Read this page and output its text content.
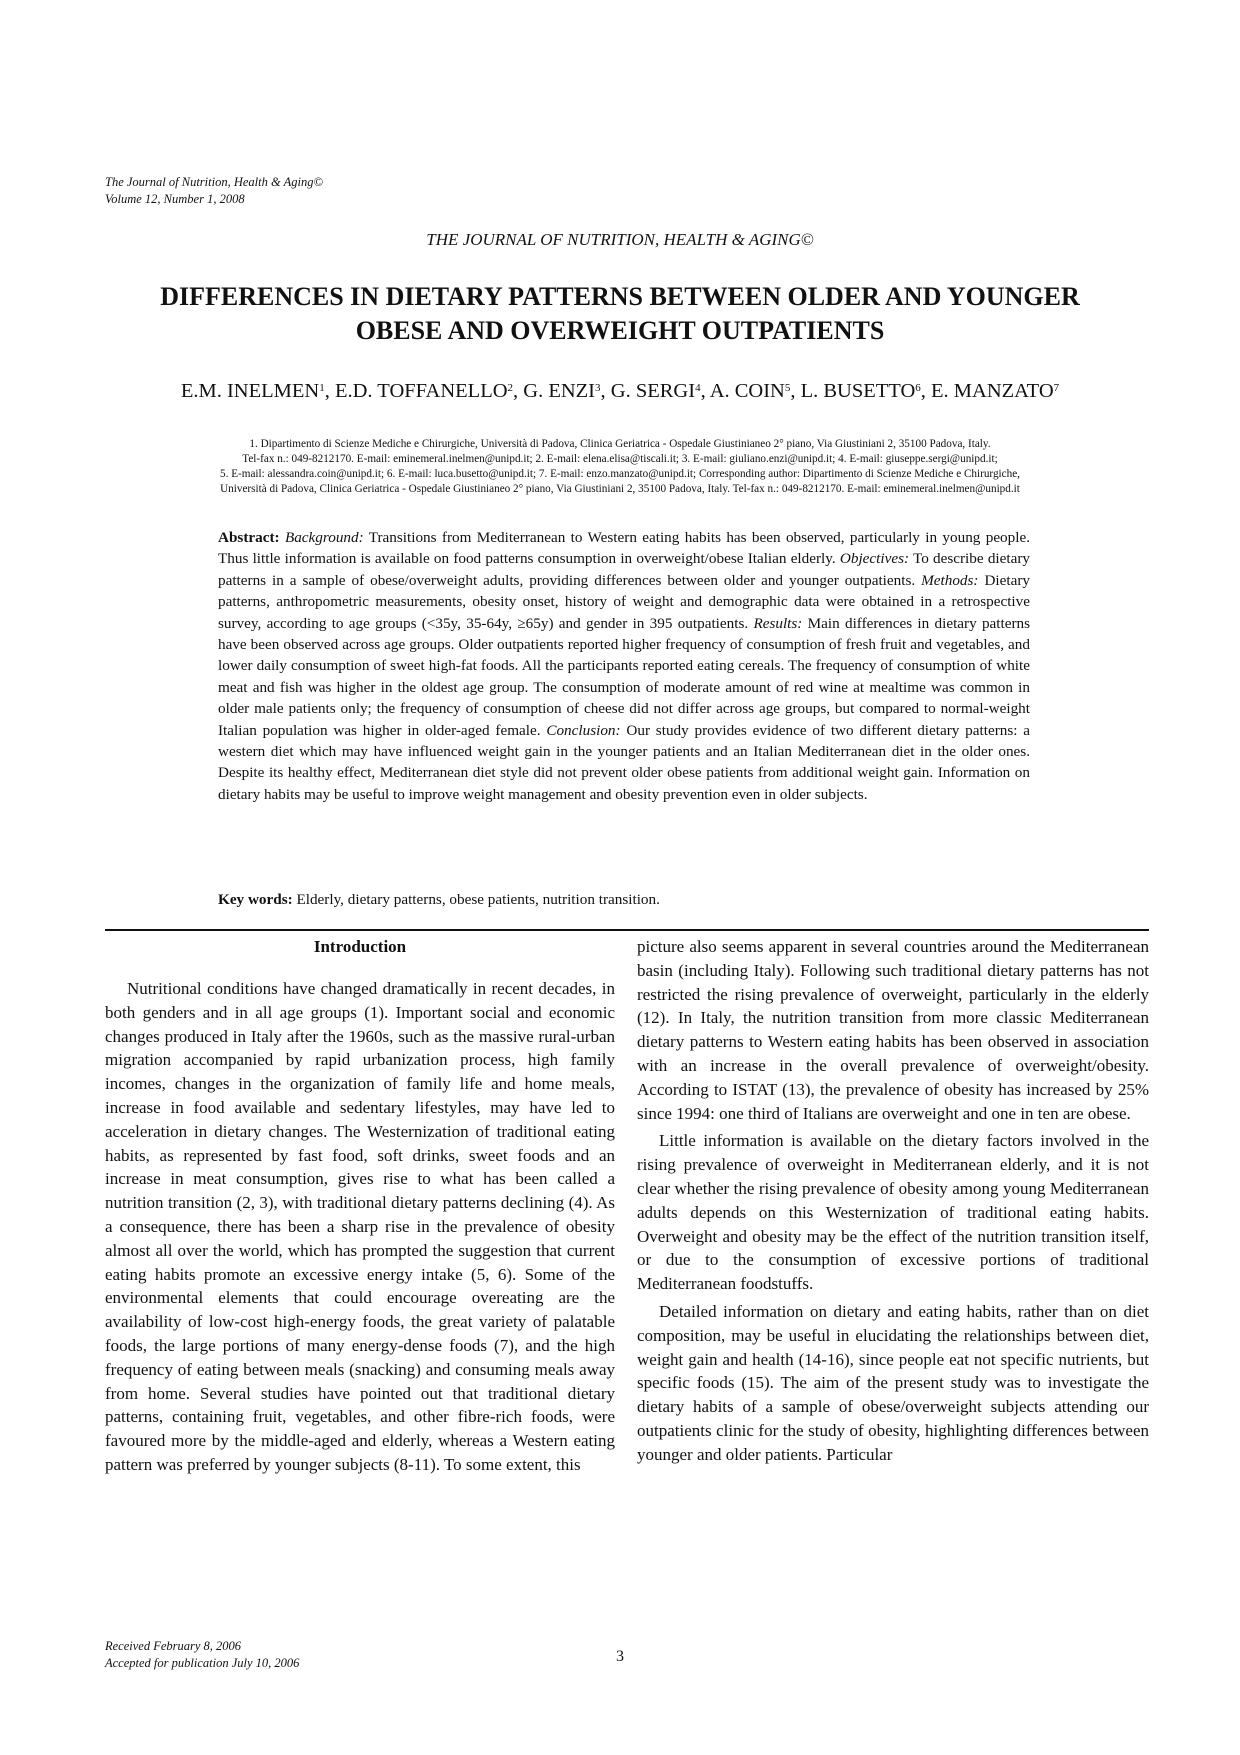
The Journal of Nutrition, Health & Aging©
Volume 12, Number 1, 2008
THE JOURNAL OF NUTRITION, HEALTH & AGING©
DIFFERENCES IN DIETARY PATTERNS BETWEEN OLDER AND YOUNGER
OBESE AND OVERWEIGHT OUTPATIENTS
E.M. INELMEN$^1$, E.D. TOFFANELLO$^2$, G. ENZI$^3$, G. SERGI$^4$, A. COIN$^5$, L. BUSETTO$^6$, E. MANZATO$^7$
1. Dipartimento di Scienze Mediche e Chirurgiche, Università di Padova, Clinica Geriatrica - Ospedale Giustinianeo 2° piano, Via Giustiniani 2, 35100 Padova, Italy.
Tel-fax n.: 049-8212170. E-mail: eminemeral.inelmen@unipd.it; 2. E-mail: elena.elisa@tiscali.it; 3. E-mail: giuliano.enzi@unipd.it; 4. E-mail: giuseppe.sergi@unipd.it;
5. E-mail: alessandra.coin@unipd.it; 6. E-mail: luca.busetto@unipd.it; 7. E-mail: enzo.manzato@unipd.it; Corresponding author: Dipartimento di Scienze Mediche e Chirurgiche,
Università di Padova, Clinica Geriatrica - Ospedale Giustinianeo 2° piano, Via Giustiniani 2, 35100 Padova, Italy. Tel-fax n.: 049-8212170. E-mail: eminemeral.inelmen@unipd.it
Abstract: Background: Transitions from Mediterranean to Western eating habits has been observed, particularly in young people. Thus little information is available on food patterns consumption in overweight/obese Italian elderly. Objectives: To describe dietary patterns in a sample of obese/overweight adults, providing differences between older and younger outpatients. Methods: Dietary patterns, anthropometric measurements, obesity onset, history of weight and demographic data were obtained in a retrospective survey, according to age groups (<35y, 35-64y, ≥65y) and gender in 395 outpatients. Results: Main differences in dietary patterns have been observed across age groups. Older outpatients reported higher frequency of consumption of fresh fruit and vegetables, and lower daily consumption of sweet high-fat foods. All the participants reported eating cereals. The frequency of consumption of white meat and fish was higher in the oldest age group. The consumption of moderate amount of red wine at mealtime was common in older male patients only; the frequency of consumption of cheese did not differ across age groups, but compared to normal-weight Italian population was higher in older-aged female. Conclusion: Our study provides evidence of two different dietary patterns: a western diet which may have influenced weight gain in the younger patients and an Italian Mediterranean diet in the older ones. Despite its healthy effect, Mediterranean diet style did not prevent older obese patients from additional weight gain. Information on dietary habits may be useful to improve weight management and obesity prevention even in older subjects.
Key words: Elderly, dietary patterns, obese patients, nutrition transition.
Introduction

Nutritional conditions have changed dramatically in recent decades, in both genders and in all age groups (1). Important social and economic changes produced in Italy after the 1960s, such as the massive rural-urban migration accompanied by rapid urbanization process, high family incomes, changes in the organization of family life and home meals, increase in food available and sedentary lifestyles, may have led to acceleration in dietary changes. The Westernization of traditional eating habits, as represented by fast food, soft drinks, sweet foods and an increase in meat consumption, gives rise to what has been called a nutrition transition (2, 3), with traditional dietary patterns declining (4). As a consequence, there has been a sharp rise in the prevalence of obesity almost all over the world, which has prompted the suggestion that current eating habits promote an excessive energy intake (5, 6). Some of the environmental elements that could encourage overeating are the availability of low-cost high-energy foods, the great variety of palatable foods, the large portions of many energy-dense foods (7), and the high frequency of eating between meals (snacking) and consuming meals away from home. Several studies have pointed out that traditional dietary patterns, containing fruit, vegetables, and other fibre-rich foods, were favoured more by the middle-aged and elderly, whereas a Western eating pattern was preferred by younger subjects (8-11). To some extent, this

picture also seems apparent in several countries around the Mediterranean basin (including Italy). Following such traditional dietary patterns has not restricted the rising prevalence of overweight, particularly in the elderly (12). In Italy, the nutrition transition from more classic Mediterranean dietary patterns to Western eating habits has been observed in association with an increase in the overall prevalence of overweight/obesity. According to ISTAT (13), the prevalence of obesity has increased by 25% since 1994: one third of Italians are overweight and one in ten are obese.

Little information is available on the dietary factors involved in the rising prevalence of overweight in Mediterranean elderly, and it is not clear whether the rising prevalence of obesity among young Mediterranean adults depends on this Westernization of traditional eating habits. Overweight and obesity may be the effect of the nutrition transition itself, or due to the consumption of excessive portions of traditional Mediterranean foodstuffs.

Detailed information on dietary and eating habits, rather than on diet composition, may be useful in elucidating the relationships between diet, weight gain and health (14-16), since people eat not specific nutrients, but specific foods (15). The aim of the present study was to investigate the dietary habits of a sample of obese/overweight subjects attending our outpatients clinic for the study of obesity, highlighting differences between younger and older patients. Particular

Received February 8, 2006
Accepted for publication July 10, 2006	3
